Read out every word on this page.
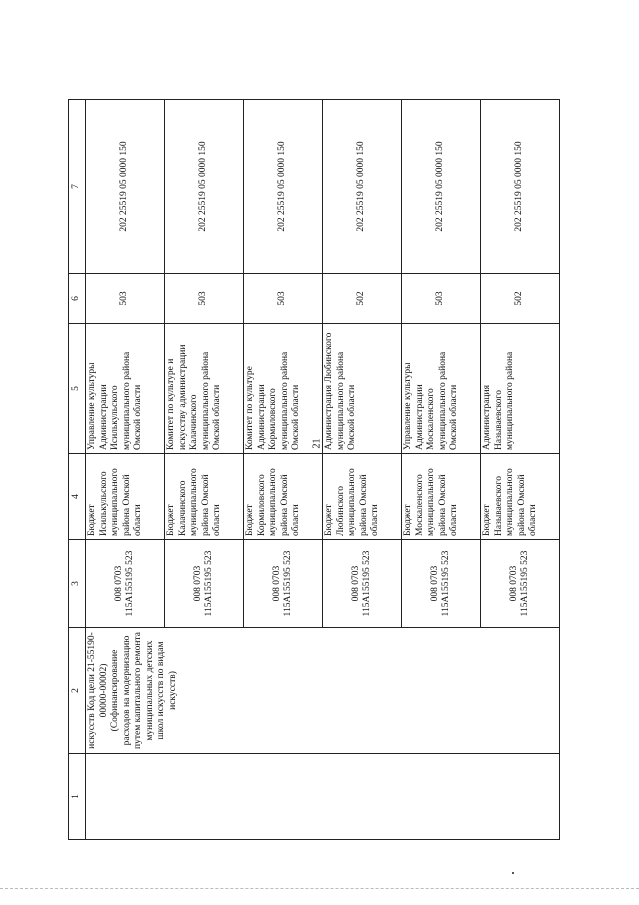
21
1	2	3	4	5	6	7
	искусств Код цели 21-55190-00000-00002) (Софинансирование расходов на модернизацию путем капитального ремонта муниципальных детских школ искусств по видам искусств)	008 0703 115A155195 523	Бюджет Исилькульского муниципального района Омской области	Управление культуры Администрации Исилькульского муниципального района Омской области	503	202 25519 05 0000 150
		008 0703 115A155195 523	Бюджет Калачинского муниципального района Омской области	Комитет по культуре и искусству администрации Калачинского муниципального района Омской области	503	202 25519 05 0000 150
		008 0703 115A155195 523	Бюджет Кормиловского муниципального района Омской области	Комитет по культуре Администрации Кормиловского муниципального района Омской области	503	202 25519 05 0000 150
		008 0703 115A155195 523	Бюджет Любинского муниципального района Омской области	Администрация Любинского муниципального района Омской области	502	202 25519 05 0000 150
		008 0703 115A155195 523	Бюджет Москаленского муниципального района Омской области	Управление культуры Администрации Москаленского муниципального района Омской области	503	202 25519 05 0000 150
		008 0703 115A155195 523	Бюджет Называевского муниципального района Омской области	Администрация Называевского муниципального района	502	202 25519 05 0000 150
